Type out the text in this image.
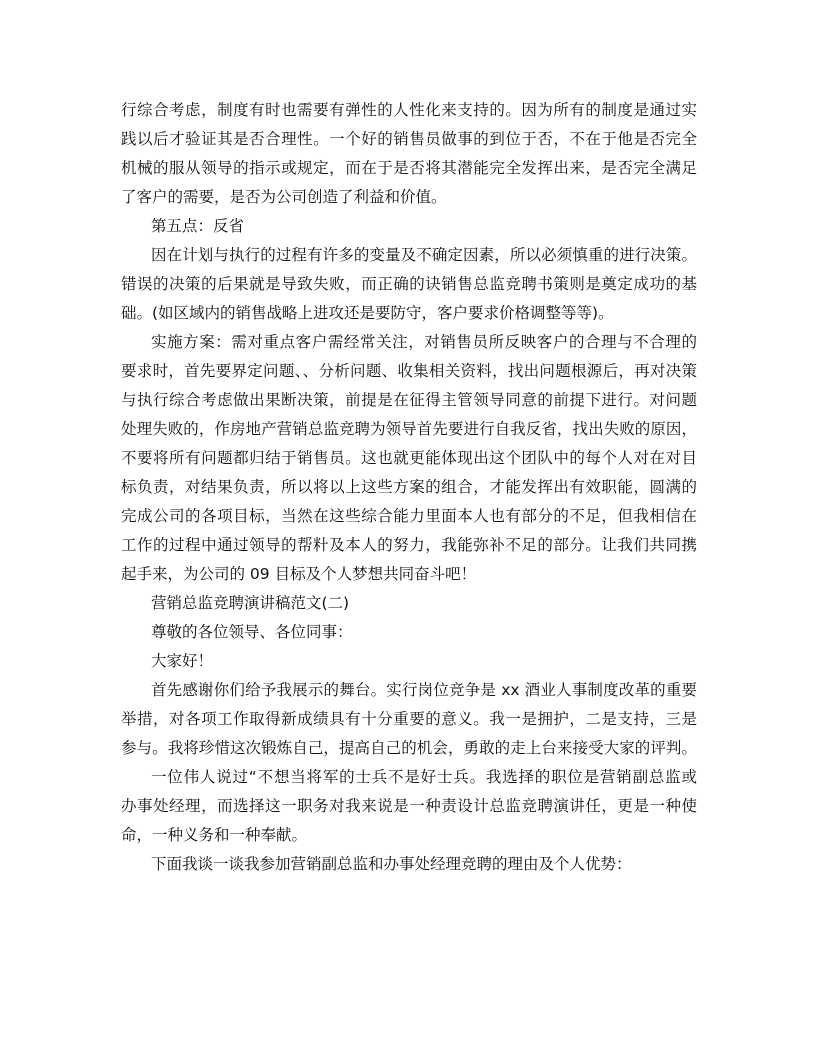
行综合考虑，制度有时也需要有弹性的人性化来支持的。因为所有的制度是通过实
践以后才验证其是否合理性。一个好的销售员做事的到位于否，不在于他是否完全
机械的服从领导的指示或规定，而在于是否将其潜能完全发挥出来，是否完全满足
了客户的需要，是否为公司创造了利益和价值。
第五点：反省
因在计划与执行的过程有许多的变量及不确定因素，所以必须慎重的进行决策。
错误的决策的后果就是导致失败，而正确的诀销售总监竞聘书策则是奠定成功的基
础。(如区域内的销售战略上进攻还是要防守，客户要求价格调整等等)。
实施方案：需对重点客户需经常关注，对销售员所反映客户的合理与不合理的
要求时，首先要界定问题、、分析问题、收集相关资料，找出问题根源后，再对决策
与执行综合考虑做出果断决策，前提是在征得主管领导同意的前提下进行。对问题
处理失败的，作房地产营销总监竞聘为领导首先要进行自我反省，找出失败的原因，
不要将所有问题都归结于销售员。这也就更能体现出这个团队中的每个人对在对目
标负责，对结果负责，所以将以上这些方案的组合，才能发挥出有效职能，圆满的
完成公司的各项目标，当然在这些综合能力里面本人也有部分的不足，但我相信在
工作的过程中通过领导的帮籵及本人的努力，我能弥补不足的部分。让我们共同携
起手来，为公司的 09 目标及个人梦想共同奋斗吧！
营销总监竞聘演讲稿范文(二)
尊敬的各位领导、各位同事：
大家好！
首先感谢你们给予我展示的舞台。实行岗位竞争是 xx 酒业人事制度改革的重要
举措，对各项工作取得新成绩具有十分重要的意义。我一是拥护，二是支持，三是
参与。我将珍惜这次锻炼自己，提高自己的机会，勇敢的走上台来接受大家的评判。
一位伟人说过“不想当将军的士兵不是好士兵。我选择的职位是营销副总监或
办事处经理，而选择这一职务对我来说是一种责设计总监竞聘演讲任，更是一种使
命，一种义务和一种奉献。
下面我谈一谈我参加营销副总监和办事处经理竞聘的理由及个人优势：
